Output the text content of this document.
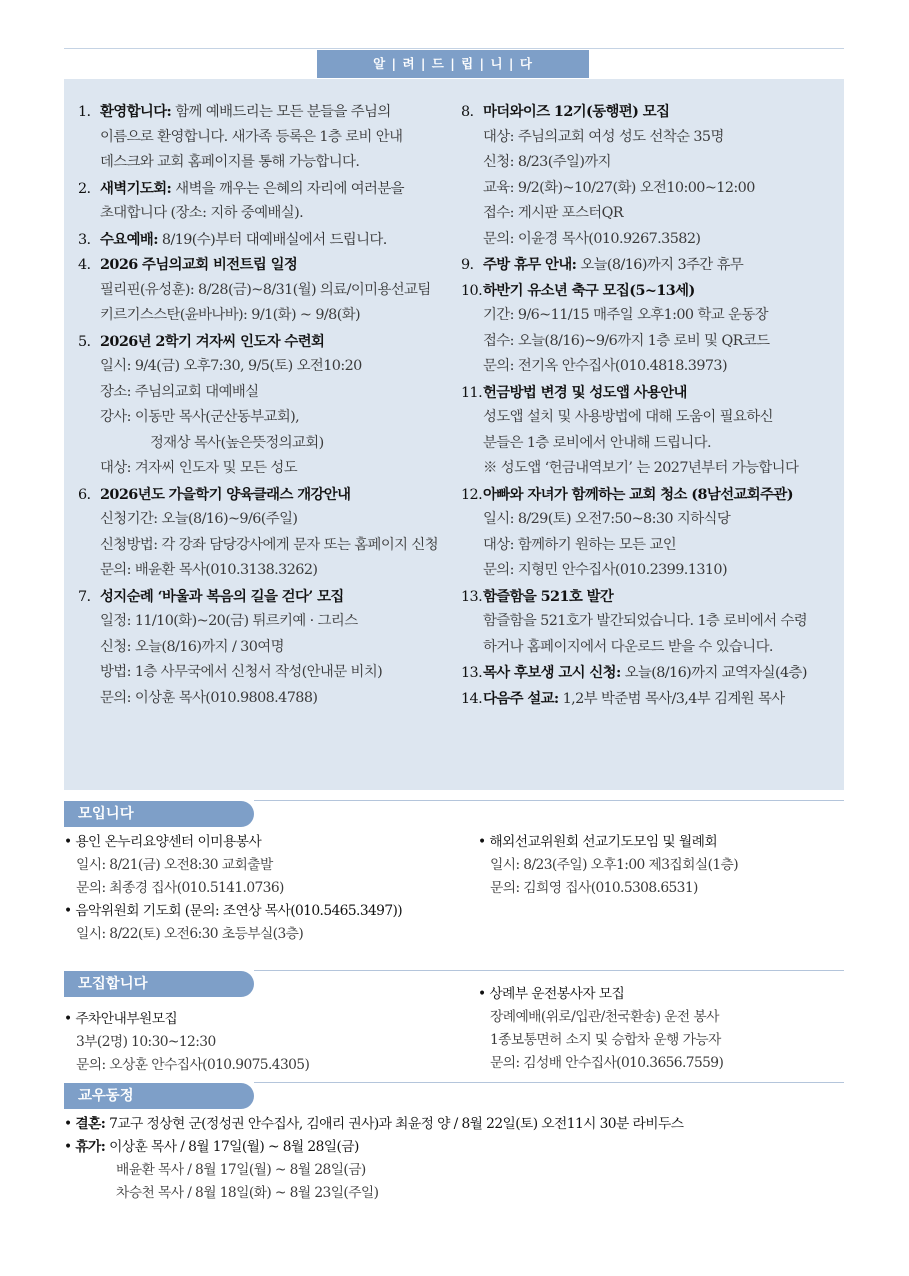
알 | 려 | 드 | 립 | 니 | 다

1. 환영합니다: 함께 예배드리는 모든 분들을 주님의

이름으로 환영합니다. 새가족 등록은 1층 로비 안내

데스크와 교회 홈페이지를 통해 가능합니다.

2. 새벽기도회: 새벽을 깨우는 은혜의 자리에 여러분을

초대합니다 (장소: 지하 중예배실).

3. 수요예배: 8/19(수)부터 대예배실에서 드립니다.

4. 2026 주님의교회 비전트립 일정

필리핀(유성훈): 8/28(금)~8/31(월) 의료/이미용선교팀

키르기스스탄(윤바나바): 9/1(화) ~ 9/8(화)

5. 2026년 2학기 겨자씨 인도자 수련회

일시: 9/4(금) 오후7:30, 9/5(토) 오전10:20

장소: 주님의교회 대예배실

강사: 이동만 목사(군산동부교회),

정재상 목사(높은뜻정의교회)

대상: 겨자씨 인도자 및 모든 성도

6. 2026년도 가을학기 양육클래스 개강안내

신청기간: 오늘(8/16)~9/6(주일)

신청방법: 각 강좌 담당강사에게 문자 또는 홈페이지 신청

문의: 배윤환 목사(010.3138.3262)

7. 성지순례 ‘바울과 복음의 길을 걷다’ 모집

일정: 11/10(화)~20(금) 튀르키예 · 그리스

신청: 오늘(8/16)까지 / 30여명

방법: 1층 사무국에서 신청서 작성(안내문 비치)

문의: 이상훈 목사(010.9808.4788)

8. 마더와이즈 12기(동행편) 모집

대상: 주님의교회 여성 성도 선착순 35명

신청: 8/23(주일)까지

교육: 9/2(화)~10/27(화) 오전10:00~12:00

접수: 게시판 포스터QR

문의: 이윤경 목사(010.9267.3582)

9. 주방 휴무 안내: 오늘(8/16)까지 3주간 휴무

10.하반기 유소년 축구 모집(5~13세)

기간: 9/6~11/15 매주일 오후1:00 학교 운동장

접수: 오늘(8/16)~9/6까지 1층 로비 및 QR코드

문의: 전기옥 안수집사(010.4818.3973)

11.헌금방법 변경 및 성도앱 사용안내

성도앱 설치 및 사용방법에 대해 도움이 필요하신

분들은 1층 로비에서 안내해 드립니다.

※ 성도앱 ‘헌금내역보기’ 는 2027년부터 가능합니다

12.아빠와 자녀가 함께하는 교회 청소 (8남선교회주관)

일시: 8/29(토) 오전7:50~8:30 지하식당

대상: 함께하기 원하는 모든 교인

문의: 지형민 안수집사(010.2399.1310)

13.함즐함을 521호 발간

함즐함을 521호가 발간되었습니다. 1층 로비에서 수령

하거나 홈페이지에서 다운로드 받을 수 있습니다.

13.목사 후보생 고시 신청: 오늘(8/16)까지 교역자실(4층)

14.다음주 설교: 1,2부 박준범 목사/3,4부 김계원 목사

모입니다

• 용인 온누리요양센터 이미용봉사

일시: 8/21(금) 오전8:30 교회출발

문의: 최종경 집사(010.5141.0736)

• 음악위원회 기도회 (문의: 조연상 목사(010.5465.3497))

일시: 8/22(토) 오전6:30 초등부실(3층)

• 해외선교위원회 선교기도모임 및 월례회

일시: 8/23(주일) 오후1:00 제3집회실(1층)

문의: 김희영 집사(010.5308.6531)

모집합니다

• 주차안내부원모집

3부(2명) 10:30~12:30

문의: 오상훈 안수집사(010.9075.4305)

• 상례부 운전봉사자 모집

장례예배(위로/입관/천국환송) 운전 봉사

1종보통면허 소지 및 승합차 운행 가능자

문의: 김성배 안수집사(010.3656.7559)

교우동정

• 결혼: 7교구 정상현 군(정성권 안수집사, 김애리 권사)과 최윤정 양 / 8월 22일(토) 오전11시 30분 라비두스

• 휴가: 이상훈 목사 / 8월 17일(월) ~ 8월 28일(금)

배윤환 목사 / 8월 17일(월) ~ 8월 28일(금)

차승천 목사 / 8월 18일(화) ~ 8월 23일(주일)
